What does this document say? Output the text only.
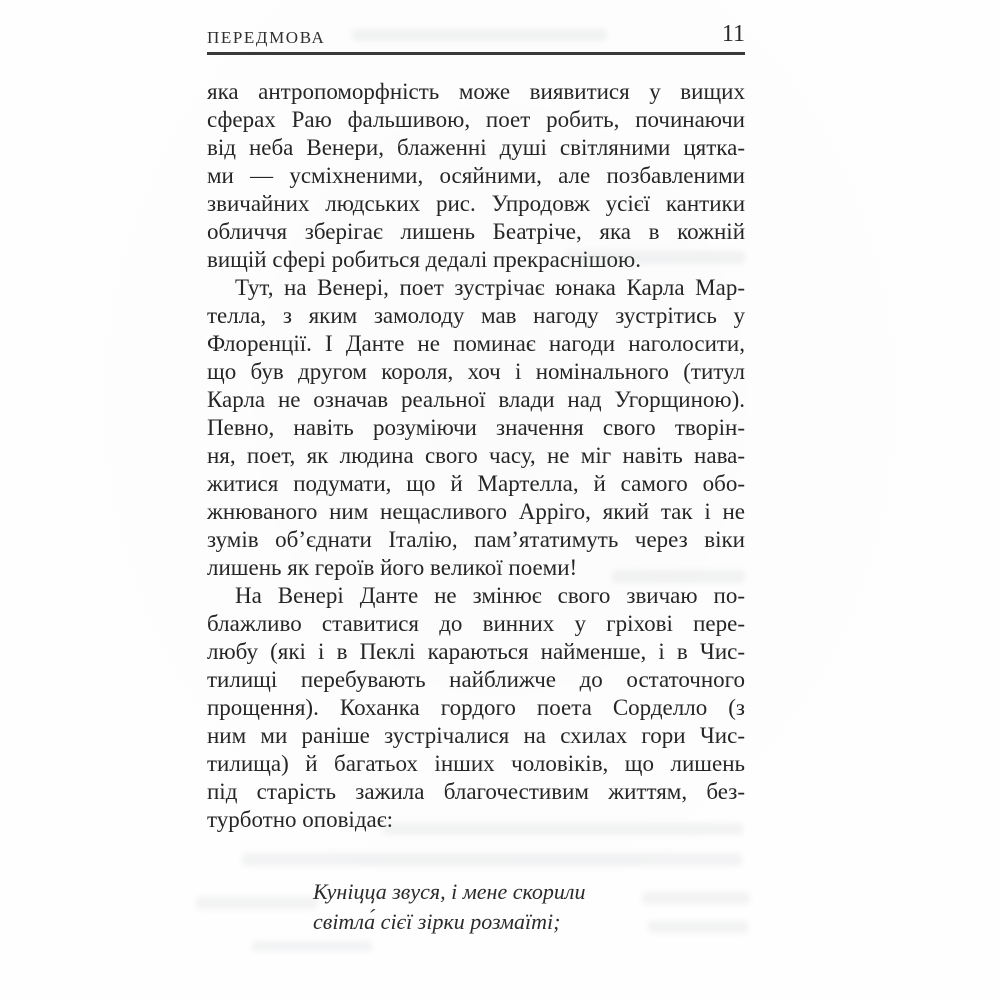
ПЕРЕДМОВА	11
яка антропоморфність може виявитися у вищих
сферах Раю фальшивою, поет робить, починаючи
від неба Венери, блаженні душі світляними цятка-
ми — усміхненими, осяйними, але позбавленими
звичайних людських рис. Упродовж усієї кантики
обличчя зберігає лишень Беатріче, яка в кожній
вищій сфері робиться дедалі прекраснішою.
Тут, на Венері, поет зустрічає юнака Карла Мар-
телла, з яким замолоду мав нагоду зустрітись у
Флоренції. І Данте не поминає нагоди наголосити,
що був другом короля, хоч і номінального (титул
Карла не означав реальної влади над Угорщиною).
Певно, навіть розуміючи значення свого творін-
ня, поет, як людина свого часу, не міг навіть нава-
житися подумати, що й Мартелла, й самого обо-
жнюваного ним нещасливого Арріго, який так і не
зумів об’єднати Італію, пам’ятатимуть через віки
лишень як героїв його великої поеми!
На Венері Данте не змінює свого звичаю по-
блажливо ставитися до винних у гріхові пере-
любу (які і в Пеклі караються найменше, і в Чис-
тилищі перебувають найближче до остаточного
прощення). Коханка гордого поета Сорделло (з
ним ми раніше зустрічалися на схилах гори Чис-
тилища) й багатьох інших чоловіків, що лишень
під старість зажила благочестивим життям, без-
турботно оповідає:
Куніцца звуся, і мене скорили
світла́ сієї зірки розмаїті;
